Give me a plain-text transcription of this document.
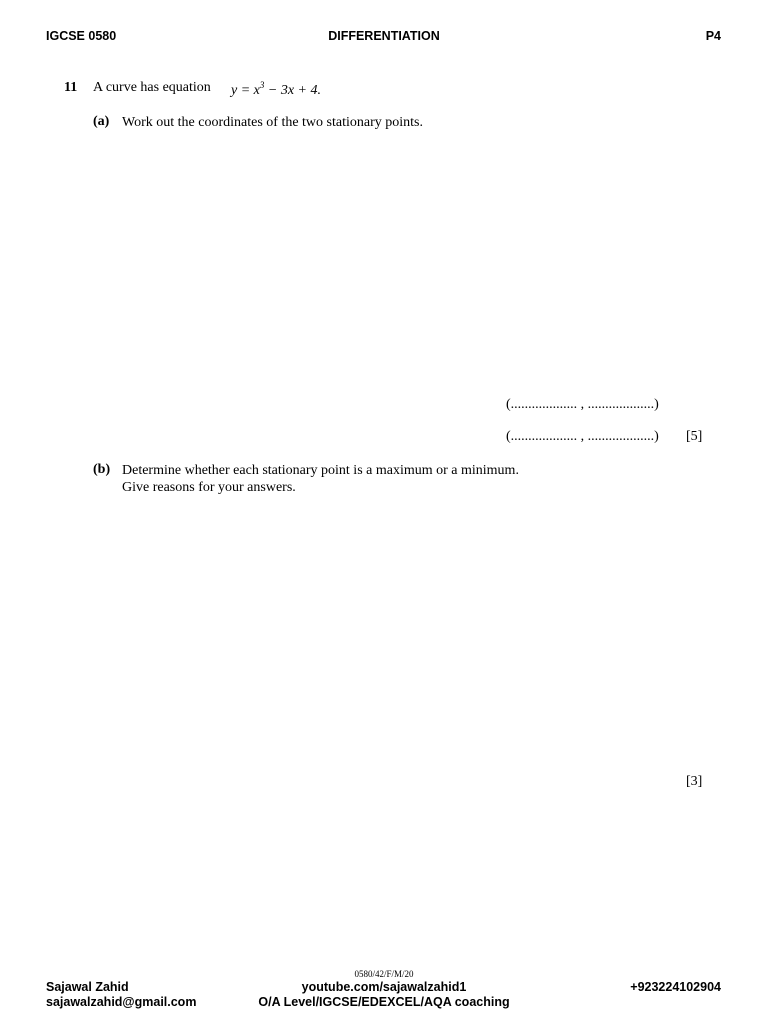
IGCSE 0580	DIFFERENTIATION	P4
11 A curve has equation $y = x^3 - 3x + 4$.
(a) Work out the coordinates of the two stationary points.
(................... , ...................)
(................... , ...................) [5]
(b) Determine whether each stationary point is a maximum or a minimum.
Give reasons for your answers.
[3]
0580/42/F/M/20
Sajawal Zahid
sajawalzahid@gmail.com
youtube.com/sajawalzahid1
O/A Level/IGCSE/EDEXCEL/AQA coaching
+923224102904
